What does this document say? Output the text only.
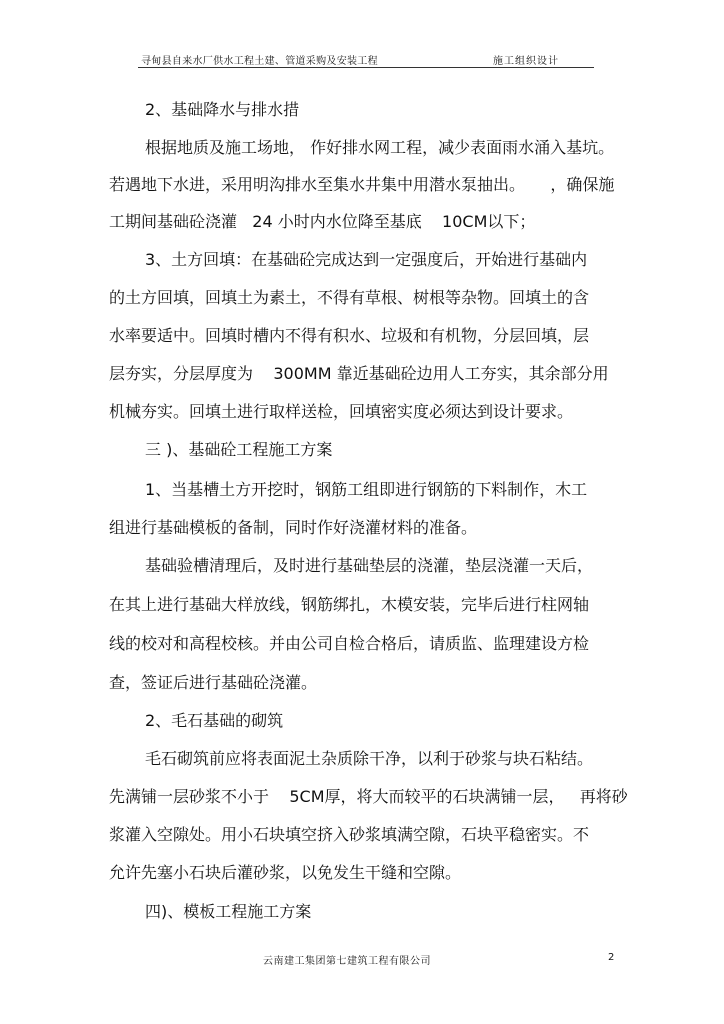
寻甸县自来水厂供水工程土建、管道采购及安装工程	施工组织设计
2、基础降水与排水措
根据地质及施工场地， 作好排水网工程，减少表面雨水涌入基坑。
若遇地下水进，采用明沟排水至集水井集中用潜水泵抽出。     ，确保施
工期间基础砼浇灌   24 小时内水位降至基底    10CM以下；
3、土方回填：在基础砼完成达到一定强度后，开始进行基础内
的土方回填，回填土为素土，不得有草根、树根等杂物。回填土的含
水率要适中。回填时槽内不得有积水、垃圾和有机物，分层回填，层
层夯实，分层厚度为    300MM 靠近基础砼边用人工夯实，其余部分用
机械夯实。回填土进行取样送检，回填密实度必须达到设计要求。
三 )、基础砼工程施工方案
1、当基槽土方开挖时，钢筋工组即进行钢筋的下料制作，木工
组进行基础模板的备制，同时作好浇灌材料的准备。
基础验槽清理后，及时进行基础垫层的浇灌，垫层浇灌一天后，
在其上进行基础大样放线，钢筋绑扎，木模安装，完毕后进行柱网轴
线的校对和高程校核。并由公司自检合格后，请质监、监理建设方检
查，签证后进行基础砼浇灌。
2、毛石基础的砌筑
毛石砌筑前应将表面泥土杂质除干净，以利于砂浆与块石粘结。
先满铺一层砂浆不小于    5CM厚，将大而较平的石块满铺一层，   再将砂
浆灌入空隙处。用小石块填空挤入砂浆填满空隙，石块平稳密实。不
允许先塞小石块后灌砂浆，以免发生干缝和空隙。
四)、模板工程施工方案
云南建工集团第七建筑工程有限公司	2
